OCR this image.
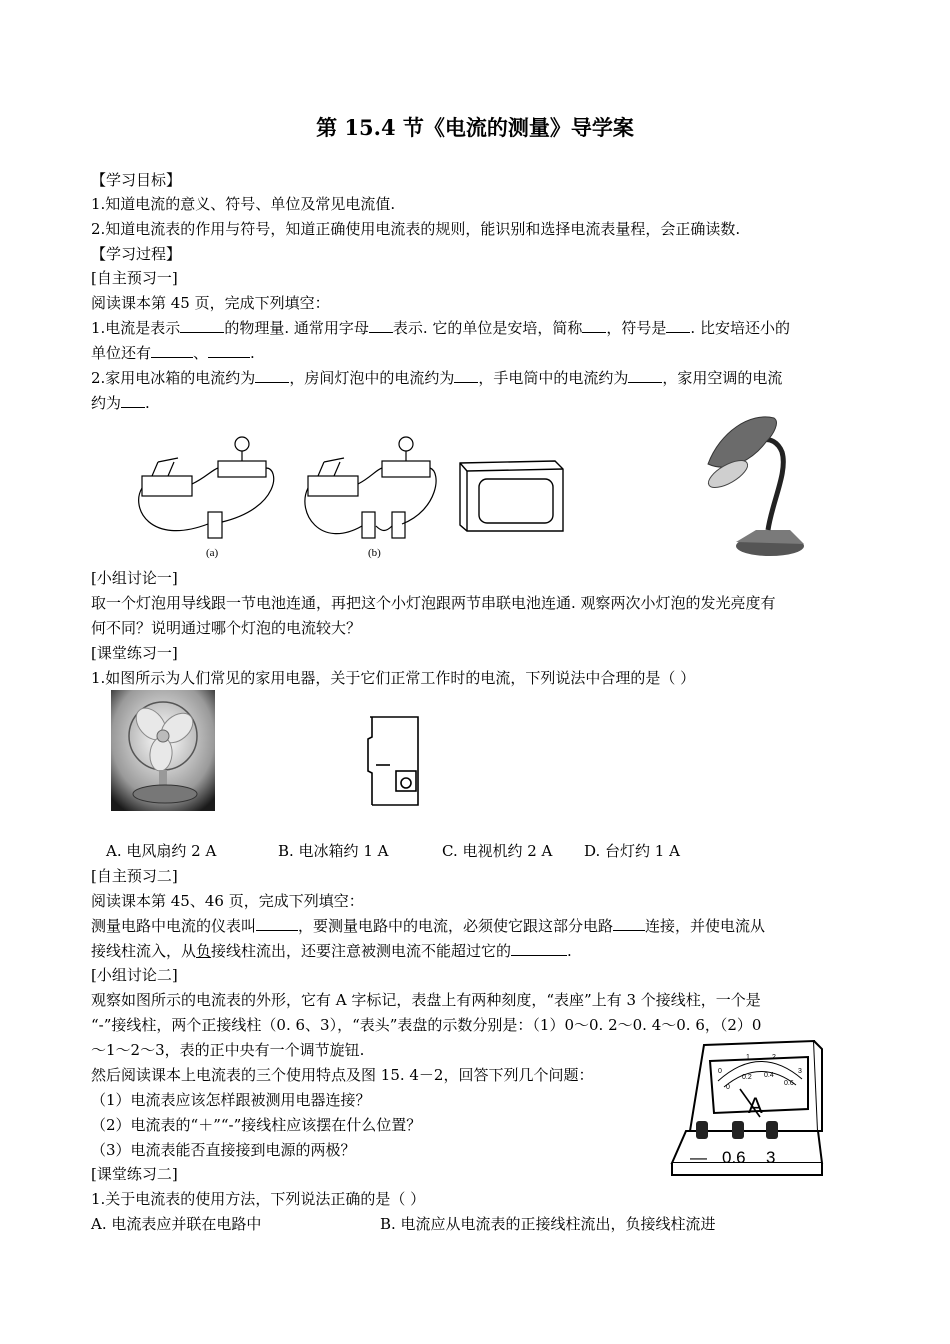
第 15.4 节《电流的测量》导学案
【学习目标】
1.知道电流的意义、符号、单位及常见电流值.
2.知道电流表的作用与符号，知道正确使用电流表的规则，能识别和选择电流表量程，会正确读数.
【学习过程】
[自主预习一]
阅读课本第 45 页，完成下列填空：
1.电流是表示	的物理量. 通常用字母 表示. 它的单位是安培，简称 ，符号是 . 比安培还小的
单位还有	、	.
2.家用电冰箱的电流约为 ，房间灯泡中的电流约为 ，手电筒中的电流约为 ，家用空调的电流
约为 .
(a)	(b)
[小组讨论一]
取一个灯泡用导线跟一节电池连通，再把这个小灯泡跟两节串联电池连通. 观察两次小灯泡的发光亮度有
何不同？说明通过哪个灯泡的电流较大？
[课堂练习一]
1.如图所示为人们常见的家用电器，关于它们正常工作时的电流，下列说法中合理的是（ ）
A. 电风扇约 2 A	B. 电冰箱约 1 A	C. 电视机约 2 A D. 台灯约 1 A
[自主预习二]
阅读课本第 45、46 页，完成下列填空：
测量电路中电流的仪表叫	，要测量电路中的电流，必须使它跟这部分电路 连接，并使电流从
接线柱流入，从负接线柱流出，还要注意被测电流不能超过它的	.
[小组讨论二]
观察如图所示的电流表的外形，它有 A 字标记，表盘上有两种刻度，“表座”上有 3 个接线柱，一个是
“-”接线柱，两个正接线柱（0. 6、3），“表头”表盘的示数分别是：（1）0～0. 2～0. 4～0. 6，（2）0
～1～2～3，表的正中央有一个调节旋钮.
然后阅读课本上电流表的三个使用特点及图 15. 4－2，回答下列几个问题：
（1）电流表应该怎样跟被测用电器连接？
（2）电流表的“＋”“-”接线柱应该摆在什么位置？
（3）电流表能否直接接到电源的两极？
[课堂练习二]
1.关于电流表的使用方法，下列说法正确的是（ ）
A. 电流表应并联在电路中	B. 电流应从电流表的正接线柱流出，负接线柱流进
0
1	2
3
0
0.2 0.4
0.6
A
— 0.6 3
